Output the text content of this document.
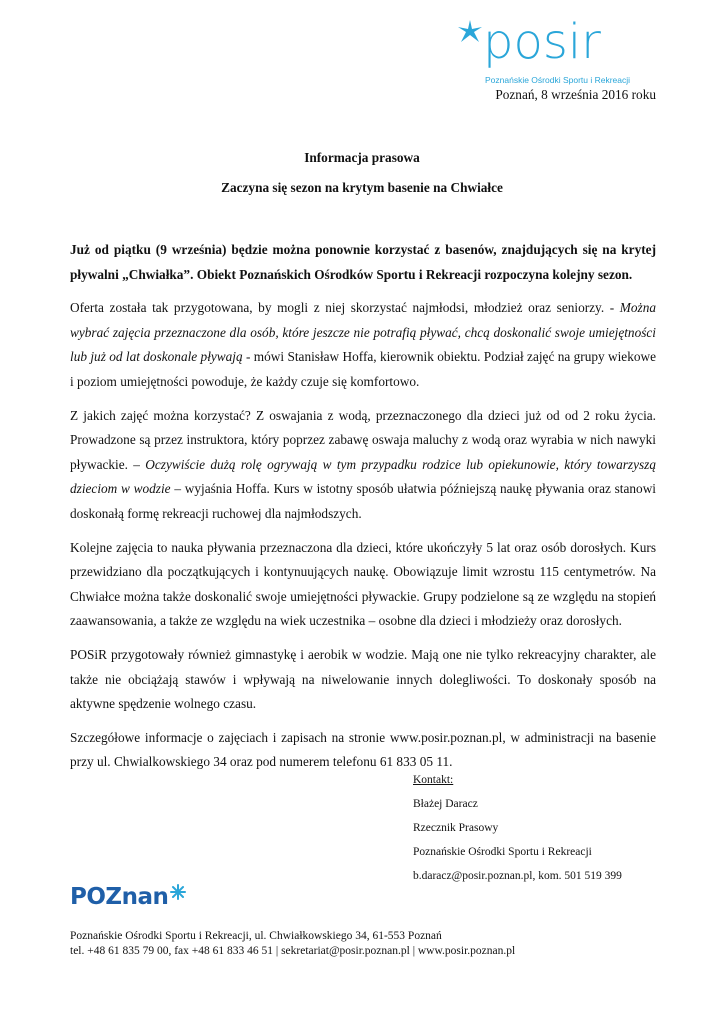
posir
Poznańskie Ośrodki Sportu i Rekreacji
Poznań, 8 września 2016 roku
Informacja prasowa
Zaczyna się sezon na krytym basenie na Chwiałce

Już od piątku (9 września) będzie można ponownie korzystać z basenów, znajdujących się na krytej pływalni „Chwiałka”. Obiekt Poznańskich Ośrodków Sportu i Rekreacji rozpoczyna kolejny sezon.

Oferta została tak przygotowana, by mogli z niej skorzystać najmłodsi, młodzież oraz seniorzy. - Można wybrać zajęcia przeznaczone dla osób, które jeszcze nie potrafią pływać, chcą doskonalić swoje umiejętności lub już od lat doskonale pływają - mówi Stanisław Hoffa, kierownik obiektu. Podział zajęć na grupy wiekowe i poziom umiejętności powoduje, że każdy czuje się komfortowo.

Z jakich zajęć można korzystać? Z oswajania z wodą, przeznaczonego dla dzieci już od od 2 roku życia. Prowadzone są przez instruktora, który poprzez zabawę oswaja maluchy z wodą oraz wyrabia w nich nawyki pływackie. – Oczywiście dużą rolę ogrywają w tym przypadku rodzice lub opiekunowie, który towarzyszą dzieciom w wodzie – wyjaśnia Hoffa. Kurs w istotny sposób ułatwia późniejszą naukę pływania oraz stanowi doskonałą formę rekreacji ruchowej dla najmłodszych.

Kolejne zajęcia to nauka pływania przeznaczona dla dzieci, które ukończyły 5 lat oraz osób dorosłych. Kurs przewidziano dla początkujących i kontynuujących naukę. Obowiązuje limit wzrostu 115 centymetrów. Na Chwiałce można także doskonalić swoje umiejętności pływackie. Grupy podzielone są ze względu na stopień zaawansowania, a także ze względu na wiek uczestnika – osobne dla dzieci i młodzieży oraz dorosłych.

POSiR przygotowały również gimnastykę i aerobik w wodzie. Mają one nie tylko rekreacyjny charakter, ale także nie obciążają stawów i wpływają na niwelowanie innych dolegliwości. To doskonały sposób na aktywne spędzenie wolnego czasu.

Szczegółowe informacje o zajęciach i zapisach na stronie www.posir.poznan.pl, w administracji na basenie przy ul. Chwialkowskiego 34 oraz pod numerem telefonu 61 833 05 11.

Kontakt:
Błażej Daracz
Rzecznik Prasowy
Poznańskie Ośrodki Sportu i Rekreacji
b.daracz@posir.poznan.pl, kom. 501 519 399
POZnan
Poznańskie Ośrodki Sportu i Rekreacji, ul. Chwiałkowskiego 34, 61-553 Poznań
tel. +48 61 835 79 00, fax +48 61 833 46 51 | sekretariat@posir.poznan.pl | www.posir.poznan.pl
